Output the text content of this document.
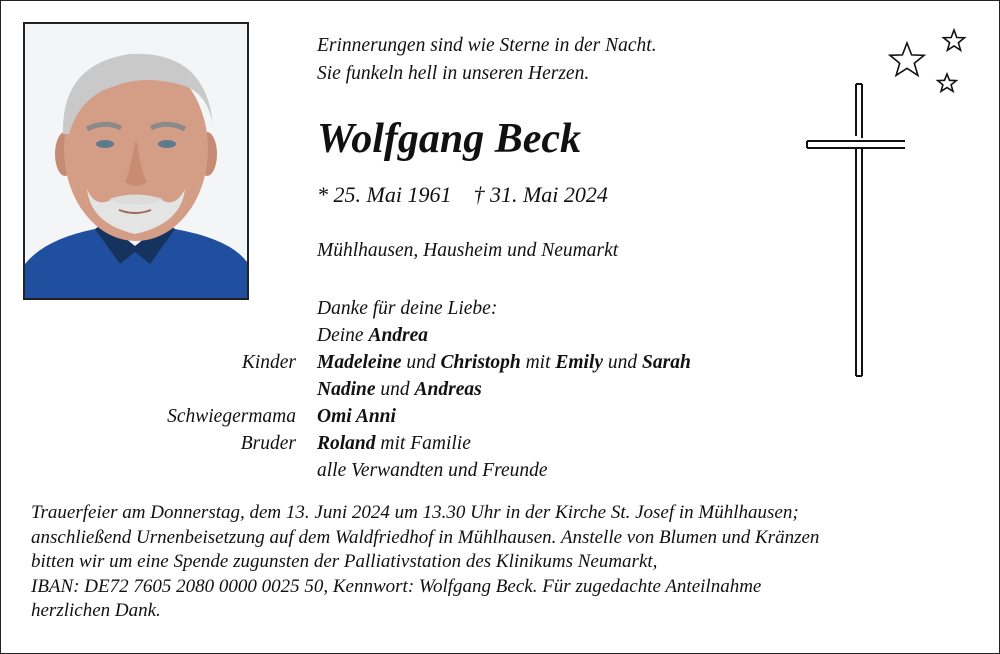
Erinnerungen sind wie Sterne in der Nacht.
Sie funkeln hell in unseren Herzen.
Wolfgang Beck
* 25. Mai 1961 † 31. Mai 2024
Mühlhausen, Hausheim und Neumarkt
Danke für deine Liebe:
Deine Andrea
Kinder Madeleine und Christoph mit Emily und Sarah
Nadine und Andreas
Schwiegermama Omi Anni
Bruder Roland mit Familie
alle Verwandten und Freunde
Trauerfeier am Donnerstag, dem 13. Juni 2024 um 13.30 Uhr in der Kirche St. Josef in Mühlhausen;
anschließend Urnenbeisetzung auf dem Waldfriedhof in Mühlhausen. Anstelle von Blumen und Kränzen
bitten wir um eine Spende zugunsten der Palliativstation des Klinikums Neumarkt,
IBAN: DE72 7605 2080 0000 0025 50, Kennwort: Wolfgang Beck. Für zugedachte Anteilnahme
herzlichen Dank.
